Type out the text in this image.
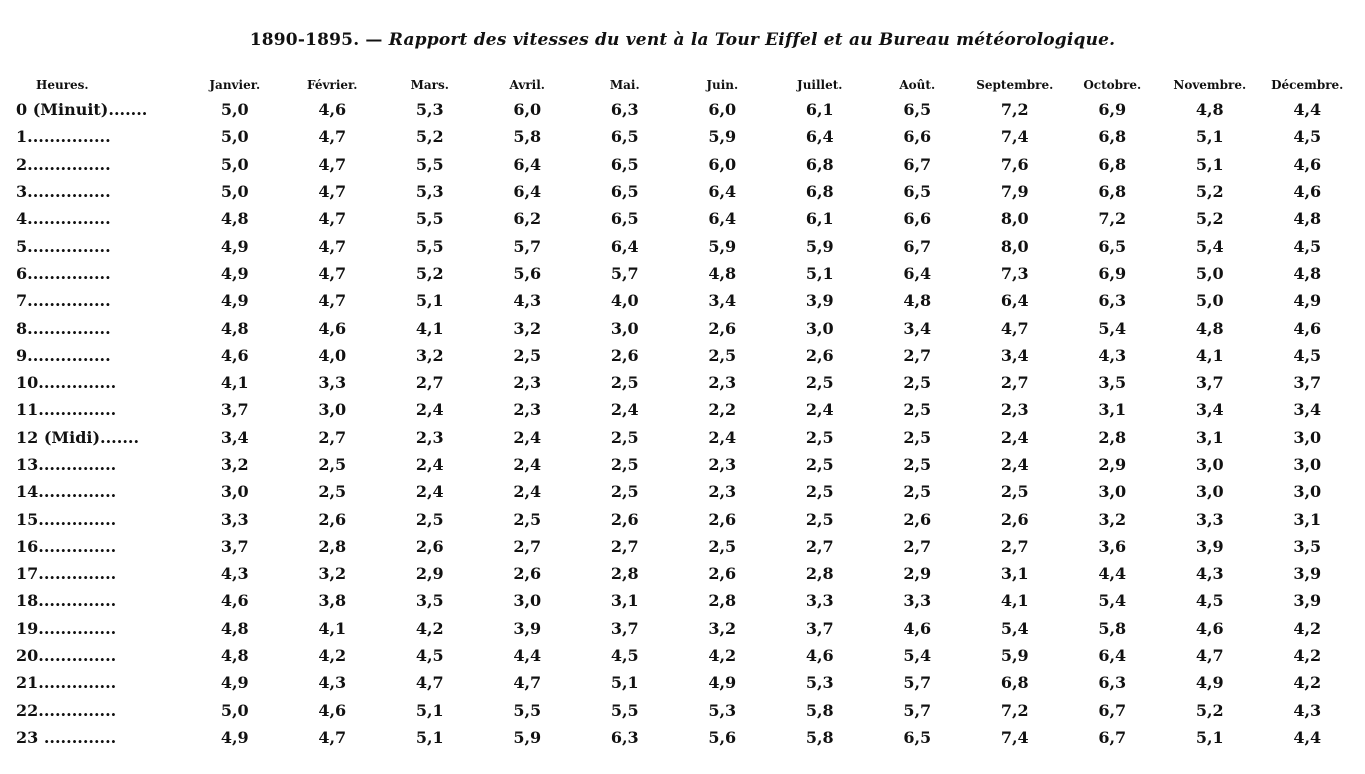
1890-1895. — Rapport des vitesses du vent à la Tour Eiffel et au Bureau météorologique.
Heures.	Janvier.	Février.	Mars.	Avril.	Mai.	Juin.	Juillet.	Août.	Septembre.	Octobre.	Novembre.	Décembre.
0 (Minuit).......	5,0	4,6	5,3	6,0	6,3	6,0	6,1	6,5	7,2	6,9	4,8	4,4
1...............	5,0	4,7	5,2	5,8	6,5	5,9	6,4	6,6	7,4	6,8	5,1	4,5
2...............	5,0	4,7	5,5	6,4	6,5	6,0	6,8	6,7	7,6	6,8	5,1	4,6
3...............	5,0	4,7	5,3	6,4	6,5	6,4	6,8	6,5	7,9	6,8	5,2	4,6
4...............	4,8	4,7	5,5	6,2	6,5	6,4	6,1	6,6	8,0	7,2	5,2	4,8
5...............	4,9	4,7	5,5	5,7	6,4	5,9	5,9	6,7	8,0	6,5	5,4	4,5
6...............	4,9	4,7	5,2	5,6	5,7	4,8	5,1	6,4	7,3	6,9	5,0	4,8
7...............	4,9	4,7	5,1	4,3	4,0	3,4	3,9	4,8	6,4	6,3	5,0	4,9
8...............	4,8	4,6	4,1	3,2	3,0	2,6	3,0	3,4	4,7	5,4	4,8	4,6
9...............	4,6	4,0	3,2	2,5	2,6	2,5	2,6	2,7	3,4	4,3	4,1	4,5
10..............	4,1	3,3	2,7	2,3	2,5	2,3	2,5	2,5	2,7	3,5	3,7	3,7
11..............	3,7	3,0	2,4	2,3	2,4	2,2	2,4	2,5	2,3	3,1	3,4	3,4
12 (Midi).......	3,4	2,7	2,3	2,4	2,5	2,4	2,5	2,5	2,4	2,8	3,1	3,0
13..............	3,2	2,5	2,4	2,4	2,5	2,3	2,5	2,5	2,4	2,9	3,0	3,0
14..............	3,0	2,5	2,4	2,4	2,5	2,3	2,5	2,5	2,5	3,0	3,0	3,0
15..............	3,3	2,6	2,5	2,5	2,6	2,6	2,5	2,6	2,6	3,2	3,3	3,1
16..............	3,7	2,8	2,6	2,7	2,7	2,5	2,7	2,7	2,7	3,6	3,9	3,5
17..............	4,3	3,2	2,9	2,6	2,8	2,6	2,8	2,9	3,1	4,4	4,3	3,9
18..............	4,6	3,8	3,5	3,0	3,1	2,8	3,3	3,3	4,1	5,4	4,5	3,9
19..............	4,8	4,1	4,2	3,9	3,7	3,2	3,7	4,6	5,4	5,8	4,6	4,2
20..............	4,8	4,2	4,5	4,4	4,5	4,2	4,6	5,4	5,9	6,4	4,7	4,2
21..............	4,9	4,3	4,7	4,7	5,1	4,9	5,3	5,7	6,8	6,3	4,9	4,2
22..............	5,0	4,6	5,1	5,5	5,5	5,3	5,8	5,7	7,2	6,7	5,2	4,3
23 .............	4,9	4,7	5,1	5,9	6,3	5,6	5,8	6,5	7,4	6,7	5,1	4,4
